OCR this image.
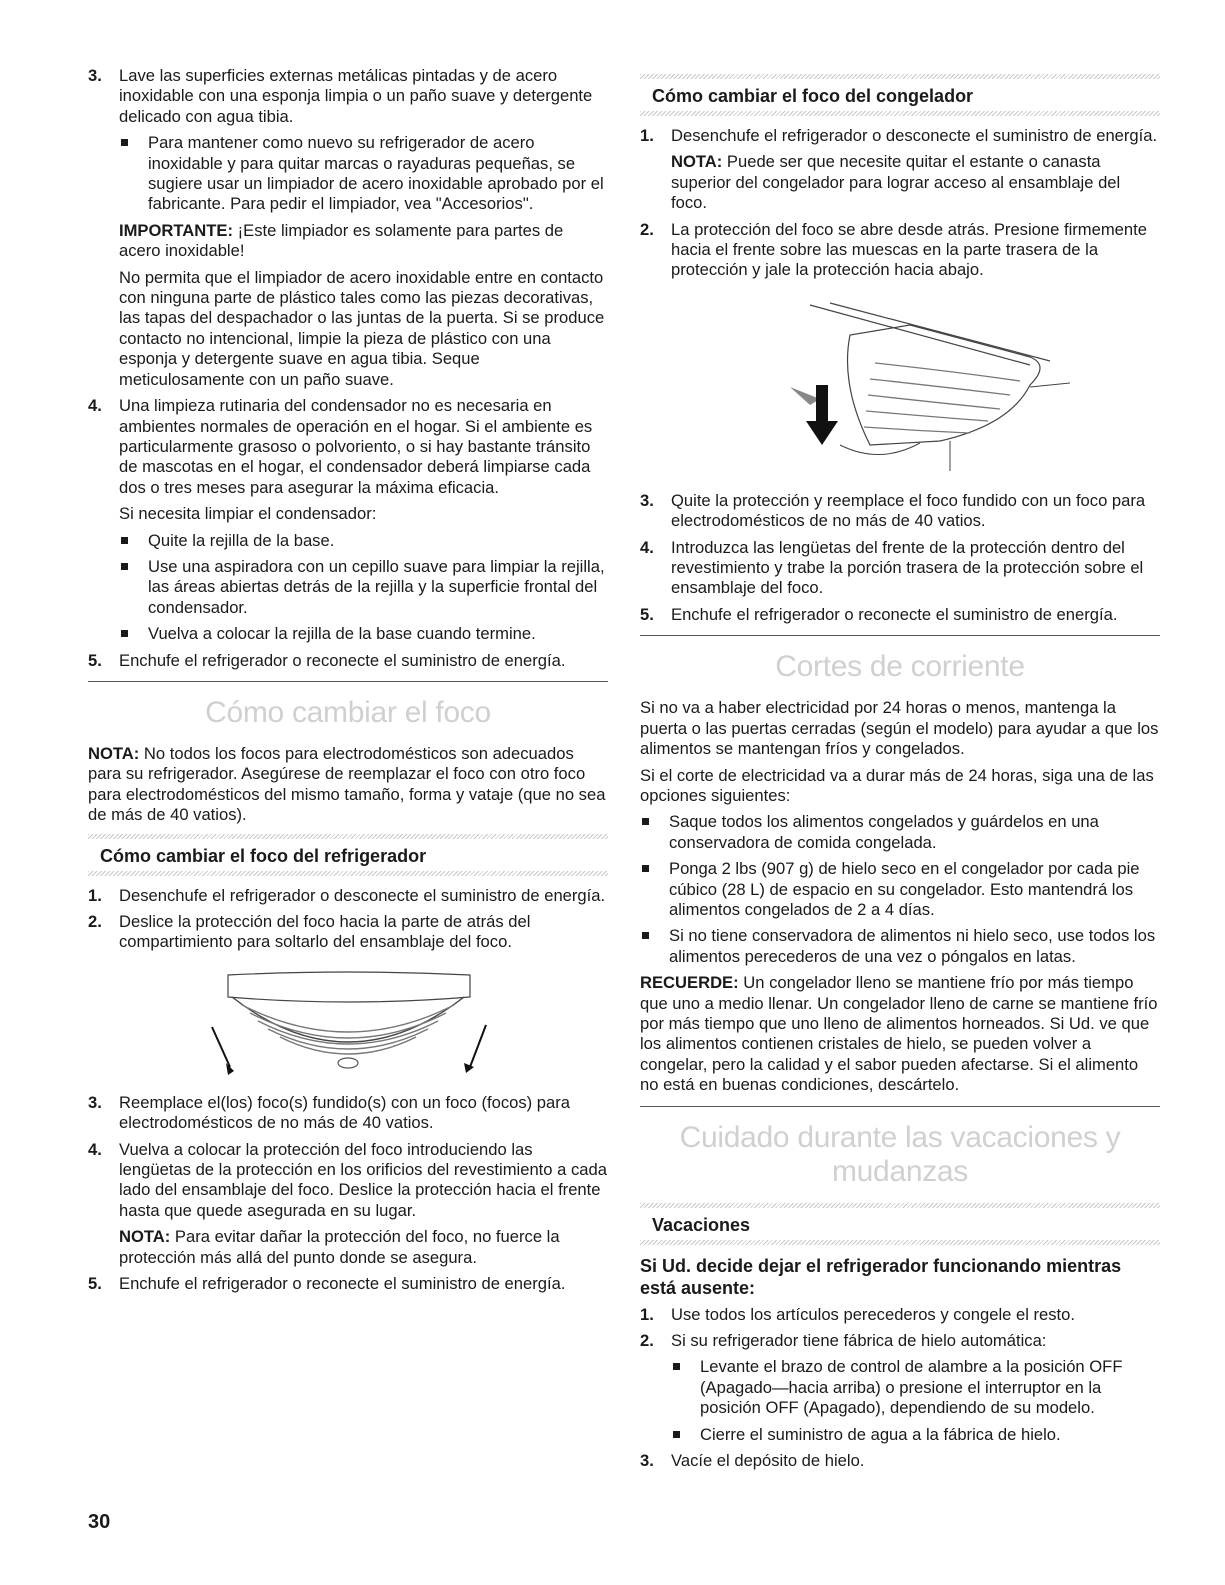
3. Lave las superficies externas metálicas pintadas y de acero inoxidable con una esponja limpia o un paño suave y detergente delicado con agua tibia.
Para mantener como nuevo su refrigerador de acero inoxidable y para quitar marcas o rayaduras pequeñas, se sugiere usar un limpiador de acero inoxidable aprobado por el fabricante. Para pedir el limpiador, vea "Accesorios".
IMPORTANTE: ¡Este limpiador es solamente para partes de acero inoxidable!
No permita que el limpiador de acero inoxidable entre en contacto con ninguna parte de plástico tales como las piezas decorativas, las tapas del despachador o las juntas de la puerta. Si se produce contacto no intencional, limpie la pieza de plástico con una esponja y detergente suave en agua tibia. Seque meticulosamente con un paño suave.
4. Una limpieza rutinaria del condensador no es necesaria en ambientes normales de operación en el hogar. Si el ambiente es particularmente grasoso o polvoriento, o si hay bastante tránsito de mascotas en el hogar, el condensador deberá limpiarse cada dos o tres meses para asegurar la máxima eficacia.
Si necesita limpiar el condensador:
Quite la rejilla de la base.
Use una aspiradora con un cepillo suave para limpiar la rejilla, las áreas abiertas detrás de la rejilla y la superficie frontal del condensador.
Vuelva a colocar la rejilla de la base cuando termine.
5. Enchufe el refrigerador o reconecte el suministro de energía.
Cómo cambiar el foco
NOTA: No todos los focos para electrodomésticos son adecuados para su refrigerador. Asegúrese de reemplazar el foco con otro foco para electrodomésticos del mismo tamaño, forma y vataje (que no sea de más de 40 vatios).
Cómo cambiar el foco del refrigerador
1. Desenchufe el refrigerador o desconecte el suministro de energía.
2. Deslice la protección del foco hacia la parte de atrás del compartimiento para soltarlo del ensamblaje del foco.
3. Reemplace el(los) foco(s) fundido(s) con un foco (focos) para electrodomésticos de no más de 40 vatios.
4. Vuelva a colocar la protección del foco introduciendo las lengüetas de la protección en los orificios del revestimiento a cada lado del ensamblaje del foco. Deslice la protección hacia el frente hasta que quede asegurada en su lugar.
NOTA: Para evitar dañar la protección del foco, no fuerce la protección más allá del punto donde se asegura.
5. Enchufe el refrigerador o reconecte el suministro de energía.
Cómo cambiar el foco del congelador
1. Desenchufe el refrigerador o desconecte el suministro de energía.
NOTA: Puede ser que necesite quitar el estante o canasta superior del congelador para lograr acceso al ensamblaje del foco.
2. La protección del foco se abre desde atrás. Presione firmemente hacia el frente sobre las muescas en la parte trasera de la protección y jale la protección hacia abajo.
3. Quite la protección y reemplace el foco fundido con un foco para electrodomésticos de no más de 40 vatios.
4. Introduzca las lengüetas del frente de la protección dentro del revestimiento y trabe la porción trasera de la protección sobre el ensamblaje del foco.
5. Enchufe el refrigerador o reconecte el suministro de energía.
Cortes de corriente
Si no va a haber electricidad por 24 horas o menos, mantenga la puerta o las puertas cerradas (según el modelo) para ayudar a que los alimentos se mantengan fríos y congelados.
Si el corte de electricidad va a durar más de 24 horas, siga una de las opciones siguientes:
Saque todos los alimentos congelados y guárdelos en una conservadora de comida congelada.
Ponga 2 lbs (907 g) de hielo seco en el congelador por cada pie cúbico (28 L) de espacio en su congelador. Esto mantendrá los alimentos congelados de 2 a 4 días.
Si no tiene conservadora de alimentos ni hielo seco, use todos los alimentos perecederos de una vez o póngalos en latas.
RECUERDE: Un congelador lleno se mantiene frío por más tiempo que uno a medio llenar. Un congelador lleno de carne se mantiene frío por más tiempo que uno lleno de alimentos horneados. Si Ud. ve que los alimentos contienen cristales de hielo, se pueden volver a congelar, pero la calidad y el sabor pueden afectarse. Si el alimento no está en buenas condiciones, descártelo.
Cuidado durante las vacaciones y mudanzas
Vacaciones
Si Ud. decide dejar el refrigerador funcionando mientras está ausente:
1. Use todos los artículos perecederos y congele el resto.
2. Si su refrigerador tiene fábrica de hielo automática:
Levante el brazo de control de alambre a la posición OFF (Apagado—hacia arriba) o presione el interruptor en la posición OFF (Apagado), dependiendo de su modelo.
Cierre el suministro de agua a la fábrica de hielo.
3. Vacíe el depósito de hielo.
30
